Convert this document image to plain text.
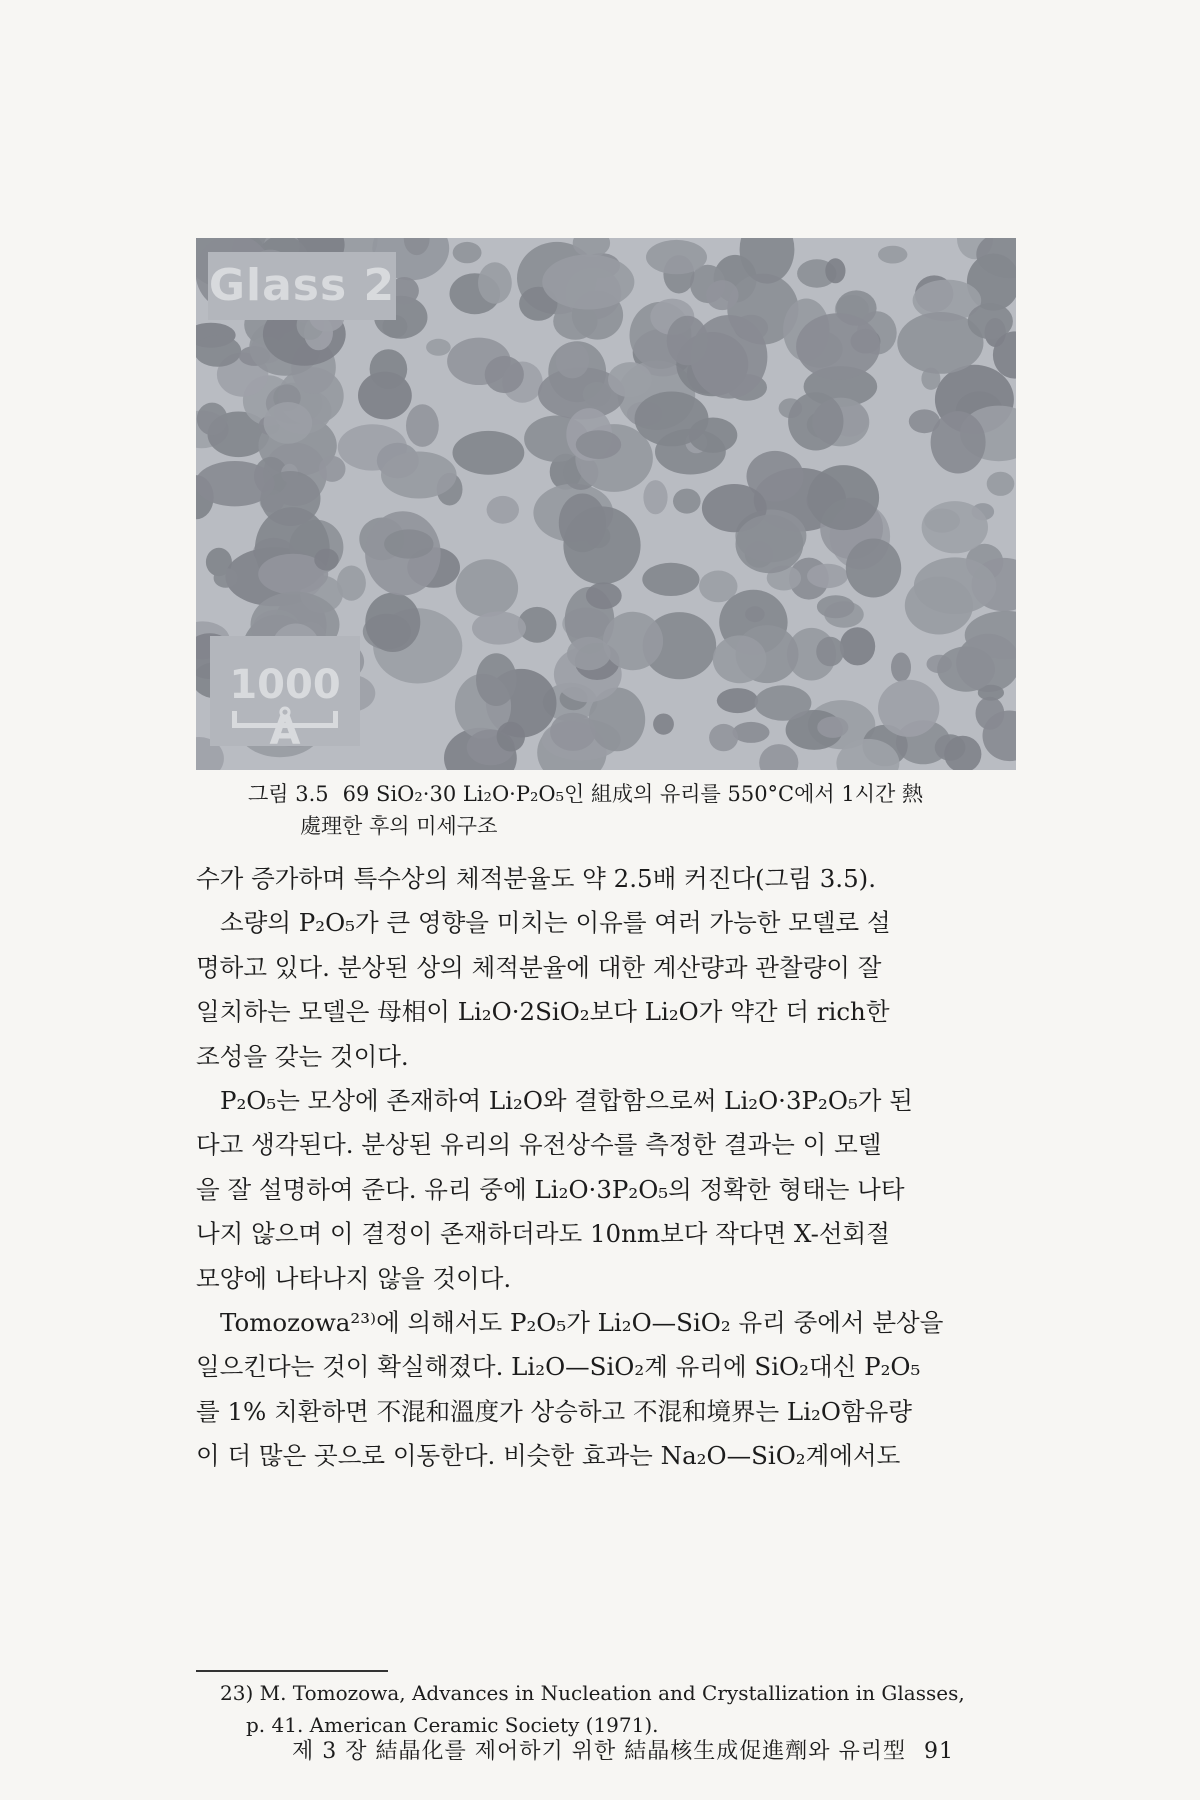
Glass 2
1000 Å
그림 3.5 69 SiO₂·30 Li₂O·P₂O₅인 組成의 유리를 550°C에서 1시간 熱
處理한 후의 미세구조

수가 증가하며 특수상의 체적분율도 약 2.5배 커진다(그림 3.5).

소량의 P₂O₅가 큰 영향을 미치는 이유를 여러 가능한 모델로 설

명하고 있다. 분상된 상의 체적분율에 대한 계산량과 관찰량이 잘
일치하는 모델은 母相이 Li₂O·2SiO₂보다 Li₂O가 약간 더 rich한
조성을 갖는 것이다.

P₂O₅는 모상에 존재하여 Li₂O와 결합함으로써 Li₂O·3P₂O₅가 된

다고 생각된다. 분상된 유리의 유전상수를 측정한 결과는 이 모델
을 잘 설명하여 준다. 유리 중에 Li₂O·3P₂O₅의 정확한 형태는 나타
나지 않으며 이 결정이 존재하더라도 10nm보다 작다면 X-선회절
모양에 나타나지 않을 것이다.

Tomozowa²³⁾에 의해서도 P₂O₅가 Li₂O—SiO₂ 유리 중에서 분상을

일으킨다는 것이 확실해졌다. Li₂O—SiO₂계 유리에 SiO₂대신 P₂O₅
를 1% 치환하면 不混和溫度가 상승하고 不混和境界는 Li₂O함유량
이 더 많은 곳으로 이동한다. 비슷한 효과는 Na₂O—SiO₂계에서도

23) M. Tomozowa, Advances in Nucleation and Crystallization in Glasses,
p. 41. American Ceramic Society (1971).
제 3 장 結晶化를 제어하기 위한 結晶核生成促進劑와 유리型 91
